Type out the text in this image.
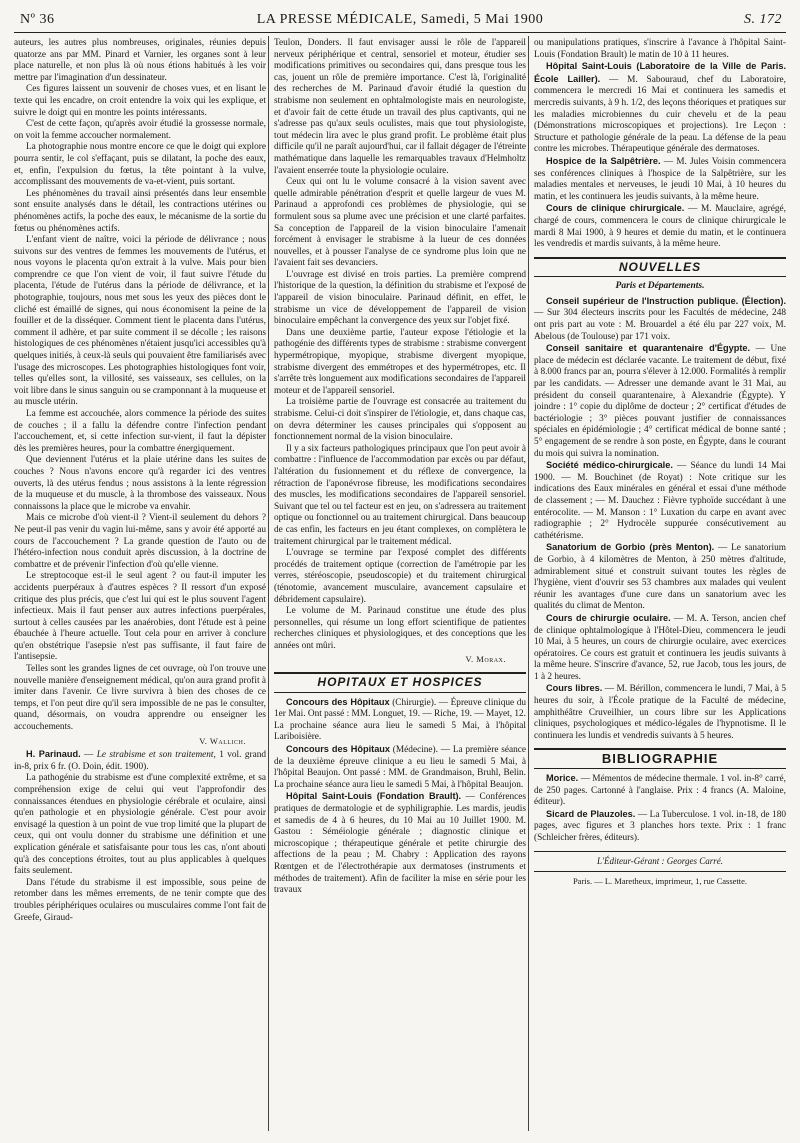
Nº 36	LA PRESSE MÉDICALE, Samedi, 5 Mai 1900	S. 172

auteurs, les autres plus nombreuses, originales, réunies depuis quatorze ans par MM. Pinard et Varnier, les organes sont à leur place naturelle, et non plus là où nous étions habitués à les voir mettre par l'imagination d'un dessinateur.

Ces figures laissent un souvenir de choses vues, et en lisant le texte qui les encadre, on croit entendre la voix qui les explique, et suivre le doigt qui en montre les points intéressants.

C'est de cette façon, qu'après avoir étudié la grossesse normale, on voit la femme accoucher normalement.

La photographie nous montre encore ce que le doigt qui explore pourra sentir, le col s'effaçant, puis se dilatant, la poche des eaux, et, enfin, l'expulsion du fœtus, la tête pointant à la vulve, accomplissant des mouvements de va-et-vient, puis sortant.

Les phénomènes du travail ainsi présentés dans leur ensemble sont ensuite analysés dans le détail, les contractions utérines ou phénomènes actifs, la poche des eaux, le mécanisme de la sortie du fœtus ou phénomènes actifs.

L'enfant vient de naître, voici la période de délivrance ; nous suivons sur des ventres de femmes les mouvements de l'utérus, et nous voyons le placenta qu'on extrait à la vulve. Mais pour bien comprendre ce que l'on vient de voir, il faut suivre l'étude du placenta, l'étude de l'utérus dans la période de délivrance, et la photographie, toujours, nous met sous les yeux des pièces dont le cliché est émaillé de signes, qui nous économisent la peine de la fouiller et de la disséquer. Comment tient le placenta dans l'utérus, comment il adhère, et par suite comment il se décolle ; les raisons histologiques de ces phénomènes n'étaient jusqu'ici accessibles qu'à quelques initiés, à ceux-là seuls qui pouvaient être familiarisés avec l'usage des microscopes. Les photographies histologiques font voir, telles qu'elles sont, la villosité, ses vaisseaux, ses cellules, on la voit libre dans le sinus sanguin ou se cramponnant à la muqueuse et au muscle utérin.

La femme est accouchée, alors commence la période des suites de couches ; il a fallu la défendre contre l'infection pendant l'accouchement, et, si cette infection sur-vient, il faut la dépister dès les premières heures, pour la combattre énergiquement.

Que deviennent l'utérus et la plaie utérine dans les suites de couches ? Nous n'avons encore qu'à regarder ici des ventres ouverts, là des utérus fendus ; nous assistons à la lente régression de la muqueuse et du muscle, à la thrombose des vaisseaux. Nous connaissons la place que le microbe va envahir.

Mais ce microbe d'où vient-il ? Vient-il seulement du dehors ? Ne peut-il pas venir du vagin lui-même, sans y avoir été apporté au cours de l'accouchement ? La grande question de l'auto ou de l'hétéro-infection nous conduit après discussion, à la doctrine de combattre et de prévenir l'infection d'où qu'elle vienne.

Le streptocoque est-il le seul agent ? ou faut-il imputer les accidents puerpéraux à d'autres espèces ? Il ressort d'un exposé critique des plus précis, que c'est lui qui est le plus souvent l'agent infectieux. Mais il faut penser aux autres infections puerpérales, surtout à celles causées par les anaérobies, dont l'étude est à peine ébauchée à l'heure actuelle. Tout cela pour en arriver à conclure qu'en obstétrique l'asepsie n'est pas suffisante, il faut faire de l'antisepsie.

Telles sont les grandes lignes de cet ouvrage, où l'on trouve une nouvelle manière d'enseignement médical, qu'on aura grand profit à imiter dans l'avenir. Ce livre survivra à bien des choses de ce temps, et l'on peut dire qu'il sera impossible de ne pas le consulter, quand, désormais, on voudra apprendre ou enseigner les accouchements.

V. Wallich.

H. Parinaud. — Le strabisme et son traitement, 1 vol. grand in-8, prix 6 fr. (O. Doin, édit. 1900).

La pathogénie du strabisme est d'une complexité extrême, et sa compréhension exige de celui qui veut l'approfondir des connaissances étendues en physiologie cérébrale et oculaire, ainsi qu'en pathologie et en physiologie générale. C'est pour avoir envisagé la question à un point de vue trop limité que la plupart de ceux, qui ont voulu donner du strabisme une définition et une explication générale et satisfaisante pour tous les cas, n'ont abouti qu'à des conceptions étroites, tout au plus applicables à quelques faits seulement.

Dans l'étude du strabisme il est impossible, sous peine de retomber dans les mêmes errements, de ne tenir compte que des troubles périphériques oculaires ou musculaires comme l'ont fait de Greefe, Giraud-

Teulon, Donders. Il faut envisager aussi le rôle de l'appareil nerveux périphérique et central, sensoriel et moteur, étudier ses modifications primitives ou secondaires qui, dans presque tous les cas, jouent un rôle de première importance. C'est là, l'originalité des recherches de M. Parinaud d'avoir étudié la question du strabisme non seulement en ophtalmologiste mais en neurologiste, et d'avoir fait de cette étude un travail des plus captivants, qui ne s'adresse pas qu'aux seuls oculistes, mais que tout physiologiste, tout médecin lira avec le plus grand profit. Le problème était plus difficile qu'il ne paraît aujourd'hui, car il fallait dégager de l'étreinte mathématique dans laquelle les remarquables travaux d'Helmholtz l'avaient enserrée toute la physiologie oculaire.

Ceux qui ont lu le volume consacré à la vision savent avec quelle admirable pénétration d'esprit et quelle largeur de vues M. Parinaud a approfondi ces problèmes de physiologie, qui se formulent sous sa plume avec une précision et une clarté parfaites. Sa conception de l'appareil de la vision binoculaire l'amenait forcément à envisager le strabisme à la lueur de ces données nouvelles, et à pousser l'analyse de ce syndrome plus loin que ne l'avaient fait ses devanciers.

L'ouvrage est divisé en trois parties. La première comprend l'historique de la question, la définition du strabisme et l'exposé de l'appareil de vision binoculaire. Parinaud définit, en effet, le strabisme un vice de développement de l'appareil de vision binoculaire empêchant la convergence des yeux sur l'objet fixé.

Dans une deuxième partie, l'auteur expose l'étiologie et la pathogénie des différents types de strabisme : strabisme convergent hypermétropique, myopique, strabisme divergent myopique, strabisme divergent des emmétropes et des hypermétropes, etc. Il s'arrête très longuement aux modifications secondaires de l'appareil moteur et de l'appareil sensoriel.

La troisième partie de l'ouvrage est consacrée au traitement du strabisme. Celui-ci doit s'inspirer de l'étiologie, et, dans chaque cas, on devra déterminer les causes principales qui s'opposent au fonctionnement normal de la vision binoculaire.

Il y a six facteurs pathologiques principaux que l'on peut avoir à combattre : l'influence de l'accommodation par excès ou par défaut, l'altération du fusionnement et du réflexe de convergence, la rétraction de l'aponévrose fibreuse, les modifications secondaires des muscles, les modifications secondaires de l'appareil sensoriel. Suivant que tel ou tel facteur est en jeu, on s'adressera au traitement optique ou fonctionnel ou au traitement chirurgical. Dans beaucoup de cas enfin, les facteurs en jeu étant complexes, on complètera le traitement chirurgical par le traitement médical.

L'ouvrage se termine par l'exposé complet des différents procédés de traitement optique (correction de l'amétropie par les verres, stéréoscopie, pseudoscopie) et du traitement chirurgical (ténotomie, avancement musculaire, avancement capsulaire et débridement capsulaire).

Le volume de M. Parinaud constitue une étude des plus personnelles, qui résume un long effort scientifique de patientes recherches cliniques et physiologiques, et des conceptions que les années ont mûri.

V. Morax.
HOPITAUX ET HOSPICES

Concours des Hôpitaux (Chirurgie). — Épreuve clinique du 1er Mai. Ont passé : MM. Longuet, 19. — Riche, 19. — Mayet, 12. La prochaine séance aura lieu le samedi 5 Mai, à l'hôpital Lariboisière.

Concours des Hôpitaux (Médecine). — La première séance de la deuxième épreuve clinique a eu lieu le samedi 5 Mai, à l'hôpital Beaujon. Ont passé : MM. de Grandmaison, Bruhl, Belin. La prochaine séance aura lieu le samedi 5 Mai, à l'hôpital Beaujon.

Hôpital Saint-Louis (Fondation Brault). — Conférences pratiques de dermatologie et de syphiligraphie. Les mardis, jeudis et samedis de 4 à 6 heures, du 10 Mai au 10 Juillet 1900. M. Gastou : Séméiologie générale ; diagnostic clinique et microscopique ; thérapeutique générale et petite chirurgie des affections de la peau ; M. Chabry : Application des rayons Rœntgen et de l'électrothérapie aux dermatoses (instruments et méthodes de traitement). Afin de faciliter la mise en série pour les travaux

ou manipulations pratiques, s'inscrire à l'avance à l'hôpital Saint-Louis (Fondation Brault) le matin de 10 à 11 heures.

Hôpital Saint-Louis (Laboratoire de la Ville de Paris. École Lailler). — M. Sabouraud, chef du Laboratoire, commencera le mercredi 16 Mai et continuera les samedis et mercredis suivants, à 9 h. 1/2, des leçons théoriques et pratiques sur les maladies microbiennes du cuir chevelu et de la peau (Démonstrations microscopiques et projections). 1re Leçon : Structure et pathologie générale de la peau. La défense de la peau contre les microbes. Thérapeutique générale des dermatoses.

Hospice de la Salpêtrière. — M. Jules Voisin commencera ses conférences cliniques à l'hospice de la Salpêtrière, sur les maladies mentales et nerveuses, le jeudi 10 Mai, à 10 heures du matin, et les continuera les jeudis suivants, à la même heure.

Cours de clinique chirurgicale. — M. Mauclaire, agrégé, chargé de cours, commencera le cours de clinique chirurgicale le mardi 8 Mai 1900, à 9 heures et demie du matin, et le continuera les vendredis et mardis suivants, à la même heure.

NOUVELLES
Paris et Départements.

Conseil supérieur de l'Instruction publique. (Élection). — Sur 304 électeurs inscrits pour les Facultés de médecine, 248 ont pris part au vote : M. Brouardel a été élu par 227 voix, M. Abelous (de Toulouse) par 171 voix.

Conseil sanitaire et quarantenaire d'Égypte. — Une place de médecin est déclarée vacante. Le traitement de début, fixé à 8.000 francs par an, pourra s'élever à 12.000. Formalités à remplir par les candidats. — Adresser une demande avant le 31 Mai, au président du conseil quarantenaire, à Alexandrie (Égypte). Y joindre : 1° copie du diplôme de docteur ; 2° certificat d'études de bactériologie ; 3° pièces pouvant justifier de connaissances spéciales en épidémiologie ; 4° certificat médical de bonne santé ; 5° engagement de se rendre à son poste, en Égypte, dans le courant du mois qui suivra la nomination.

Société médico-chirurgicale. — Séance du lundi 14 Mai 1900. — M. Bouchinet (de Royat) : Note critique sur les indications des Eaux minérales en général et essai d'une méthode de classement ; — M. Dauchez : Fièvre typhoïde succédant à une entérocolite. — M. Manson : 1° Luxation du carpe en avant avec radiographie ; 2° Hydrocèle suppurée consécutivement au cathétérisme.

Sanatorium de Gorbio (près Menton). — Le sanatorium de Gorbio, à 4 kilomètres de Menton, à 250 mètres d'altitude, admirablement situé et construit suivant toutes les règles de l'hygiène, vient d'ouvrir ses 53 chambres aux malades qui veulent réunir les avantages d'une cure dans un sanatorium avec les qualités du climat de Menton.

Cours de chirurgie oculaire. — M. A. Terson, ancien chef de clinique ophtalmologique à l'Hôtel-Dieu, commencera le jeudi 10 Mai, à 5 heures, un cours de chirurgie oculaire, avec exercices opératoires. Ce cours est gratuit et continuera les jeudis suivants à la même heure. S'inscrire d'avance, 52, rue Jacob, tous les jours, de 1 à 2 heures.

Cours libres. — M. Bérillon, commencera le lundi, 7 Mai, à 5 heures du soir, à l'École pratique de la Faculté de médecine, amphithéâtre Cruveilhier, un cours libre sur les Applications cliniques, psychologiques et médico-légales de l'hypnotisme. Il le continuera les lundis et vendredis suivants à 5 heures.

BIBLIOGRAPHIE

Morice. — Mémentos de médecine thermale. 1 vol. in-8° carré, de 250 pages. Cartonné à l'anglaise. Prix : 4 francs (A. Maloine, éditeur).

Sicard de Plauzoles. — La Tuberculose. 1 vol. in-18, de 180 pages, avec figures et 3 planches hors texte. Prix : 1 franc (Schleicher frères, éditeurs).

L'Éditeur-Gérant : Georges Carré.
Paris. — L. Maretheux, imprimeur, 1, rue Cassette.
